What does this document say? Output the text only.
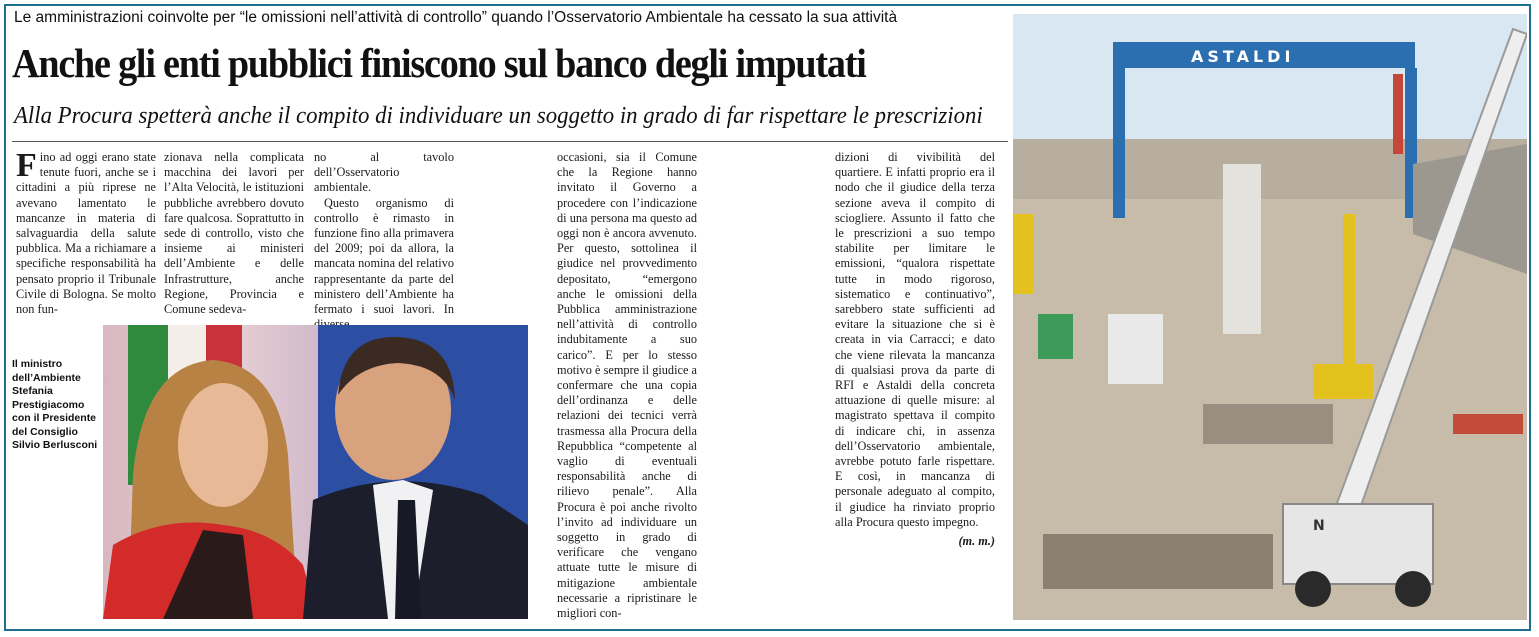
Le amministrazioni coinvolte per “le omissioni nell’attività di controllo” quando l’Osservatorio Ambientale ha cessato la sua attività
Anche gli enti pubblici finiscono sul banco degli imputati
Alla Procura spetterà anche il compito di individuare un soggetto in grado di far rispettare le prescrizioni

Fino ad oggi erano state tenute fuori, anche se i cittadini a più riprese ne avevano lamentato le mancanze in materia di salvaguardia della salute pubblica. Ma a richiamare a specifiche responsabilità ha pensato proprio il Tribunale Civile di Bologna. Se molto non fun-

zionava nella complicata macchina dei lavori per l’Alta Velocità, le istituzioni pubbliche avrebbero dovuto fare qualcosa. Soprattutto in sede di controllo, visto che insieme ai ministeri dell’Ambiente e delle Infrastrutture, anche Regione, Provincia e Comune sedeva-

no al tavolo dell’Osservatorio ambientale.

Questo organismo di controllo è rimasto in funzione fino alla primavera del 2009; poi da allora, la mancata nomina del relativo rappresentante da parte del ministero dell’Ambiente ha fermato i suoi lavori. In

occasioni, sia il Comune che la Regione hanno invitato il Governo a procedere con l’indicazione di una persona ma questo ad oggi non è ancora avvenuto. Per questo, sottolinea il giudice nel provvedimento depositato, “emergono anche le omissioni della Pubblica amministrazione nell’attività di controllo indubitamente a suo carico”. E per lo stesso motivo è sempre il giudice a confermare che una copia dell’ordinanza e delle relazioni dei tecnici verrà trasmessa alla Procura della Repubblica “competente al vaglio di eventuali responsabilità anche di rilievo penale”. Alla Procura è poi anche rivolto l’invito ad individuare un soggetto in grado di verificare che vengano attuate tutte le misure di mitigazione ambientale necessarie a ripristinare le migliori con-

dizioni di vivibilità del quartiere. E infatti proprio era il nodo che il giudice della terza sezione aveva il compito di sciogliere. Assunto il fatto che le prescrizioni a suo tempo stabilite per limitare le emissioni, “qualora rispettate tutte in modo rigoroso, sistematico e continuativo”, sarebbero state sufficienti ad evitare la situazione che si è creata in via Carracci; e dato che viene rilevata la mancanza di qualsiasi prova da parte di RFI e Astaldi della concreta attuazione di quelle misure: al magistrato spettava il compito di indicare chi, in assenza dell’Osservatorio ambientale, avrebbe potuto farle rispettare. E così, in mancanza di personale adeguato al compito, il giudice ha rinviato proprio alla Procura questo impegno.

(m. m.)
Il ministro dell’Ambiente Stefania Prestigiacomo con il Presidente del Consiglio Silvio Berlusconi
ASTALDI
N
